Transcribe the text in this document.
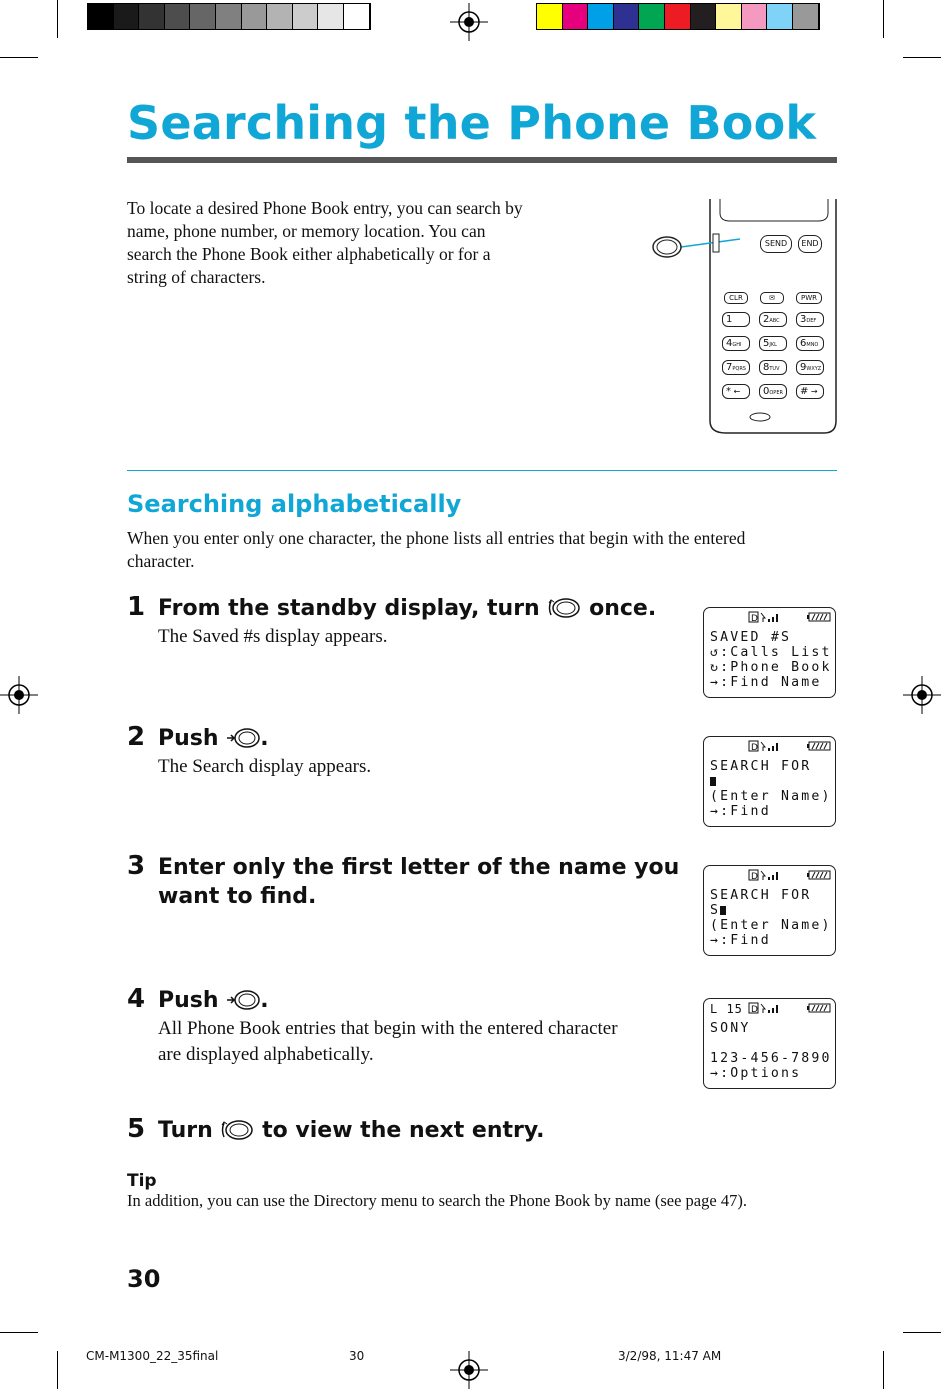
Searching the Phone Book
To locate a desired Phone Book entry, you can search by name, phone number, or memory location. You can search the Phone Book either alphabetically or for a string of characters.
SEND	END
CLR	✉	PWR
1	2ABC	3DEF
4GHI	5JKL	6MNO
7PQRS	8TUV	9WXYZ
* ←	0OPER	# →
Searching alphabetically
When you enter only one character, the phone lists all entries that begin with the entered character.
1 From the standby display, turn once.
The Saved #s display appears.
2 Push .
The Search display appears.
3 Enter only the first letter of the name you
want to find.
4 Push .
All Phone Book entries that begin with the entered character are displayed alphabetically.
5 Turn to view the next entry.
D
SAVED #S
↺:Calls List
↻:Phone Book
→:Find Name
D
SEARCH FOR
(Enter Name)
→:Find
D
SEARCH FOR
S
(Enter Name)
→:Find
L 15 D
SONY
123-456-7890
→:Options
Tip
In addition, you can use the Directory menu to search the Phone Book by name (see page 47).
30
CM-M1300_22_35final	30	3/2/98, 11:47 AM
